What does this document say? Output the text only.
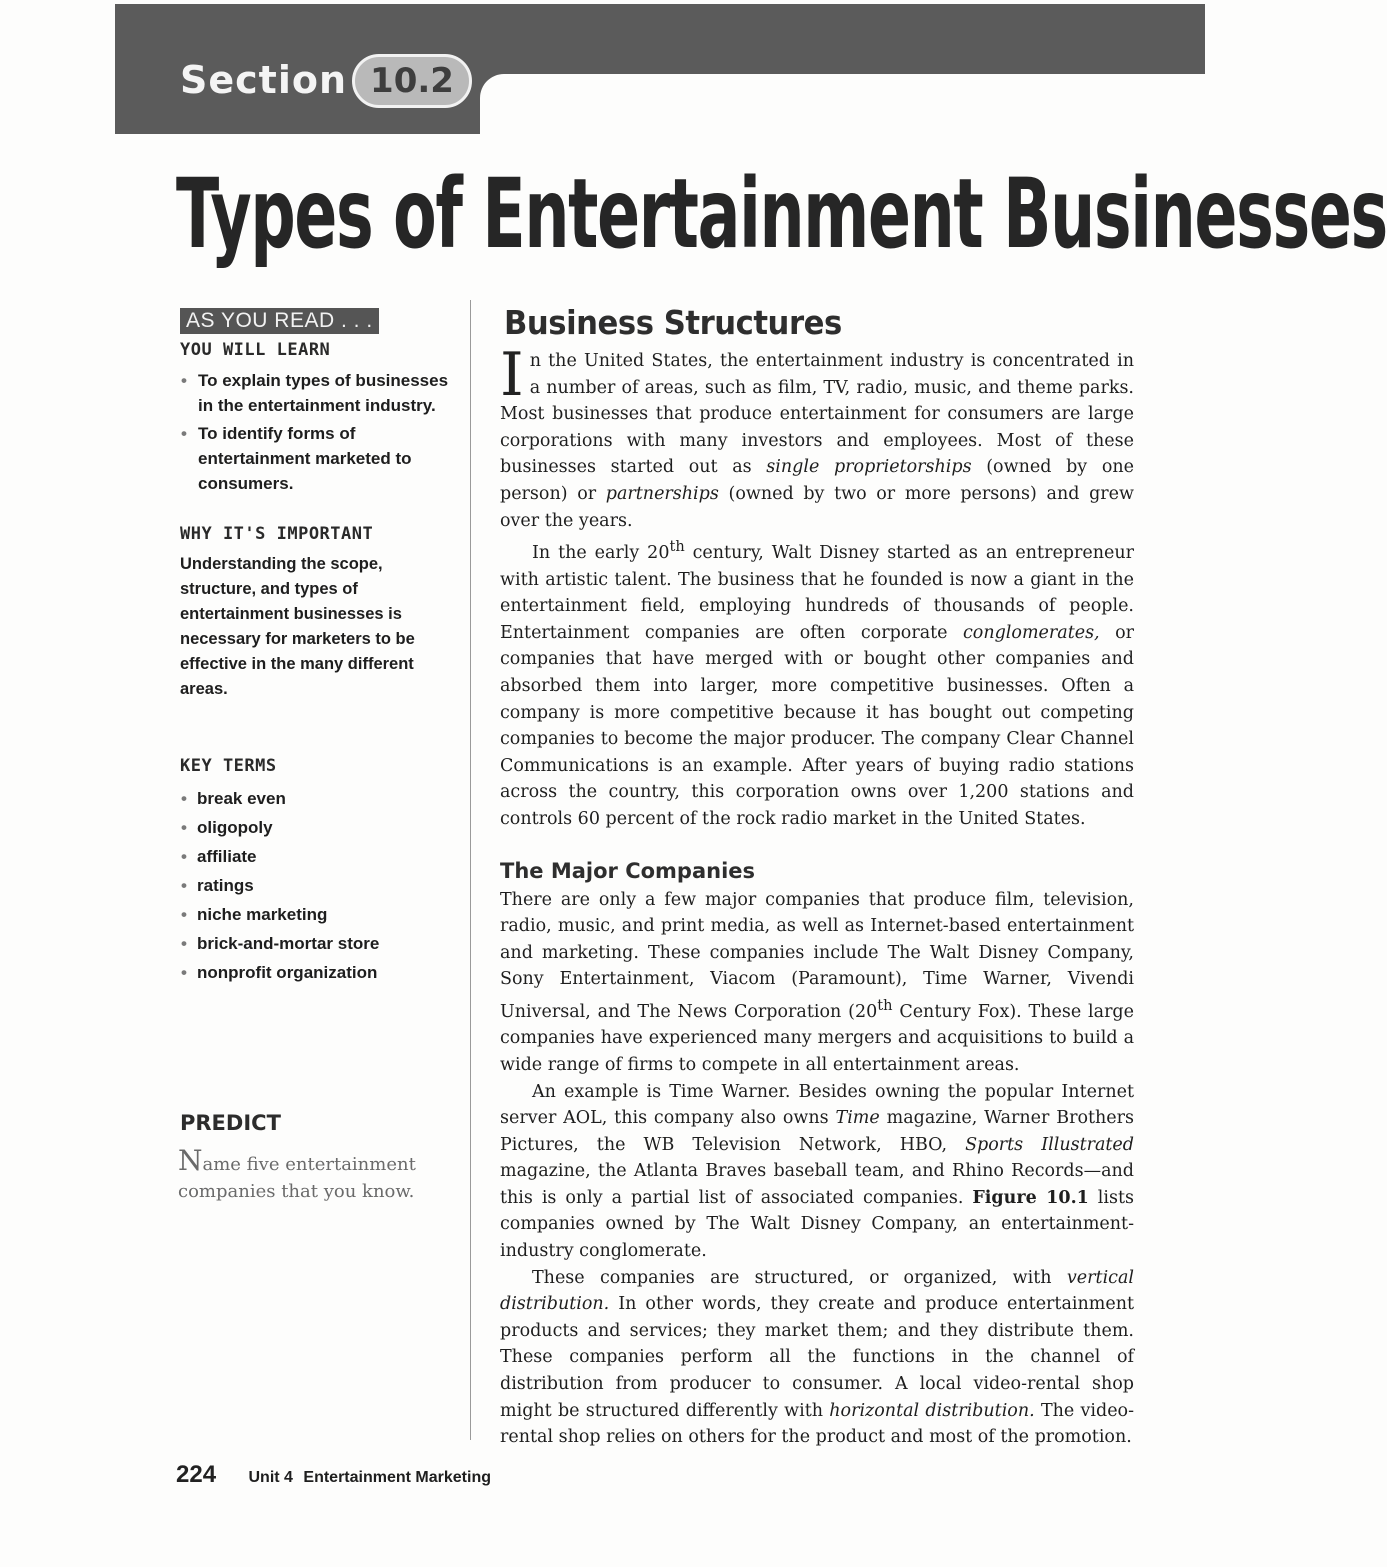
Section 10.2
Types of Entertainment Businesses
AS YOU READ . . .
YOU WILL LEARN
• To explain types of businesses in the entertainment industry.
• To identify forms of entertainment marketed to consumers.
WHY IT'S IMPORTANT

Understanding the scope, structure, and types of entertainment businesses is necessary for marketers to be effective in the many different areas.

KEY TERMS
• break even
• oligopoly
• affiliate
• ratings
• niche marketing
• brick-and-mortar store
• nonprofit organization
PREDICT

Name five entertainment companies that you know.

Business Structures

In the United States, the entertainment industry is concentrated in a number of areas, such as film, TV, radio, music, and theme parks. Most businesses that produce entertainment for consumers are large corporations with many investors and employees. Most of these businesses started out as single proprietorships (owned by one person) or partnerships (owned by two or more persons) and grew over the years.

In the early 20th century, Walt Disney started as an entrepreneur with artistic talent. The business that he founded is now a giant in the entertainment field, employing hundreds of thousands of people. Entertainment companies are often corporate conglomerates, or companies that have merged with or bought other companies and absorbed them into larger, more competitive businesses. Often a company is more competitive because it has bought out competing companies to become the major producer. The company Clear Channel Communications is an example. After years of buying radio stations across the country, this corporation owns over 1,200 stations and controls 60 percent of the rock radio market in the United States.

The Major Companies

There are only a few major companies that produce film, television, radio, music, and print media, as well as Internet-based entertainment and marketing. These companies include The Walt Disney Company, Sony Entertainment, Viacom (Paramount), Time Warner, Vivendi Universal, and The News Corporation (20th Century Fox). These large companies have experienced many mergers and acquisitions to build a wide range of firms to compete in all entertainment areas.

An example is Time Warner. Besides owning the popular Internet server AOL, this company also owns Time magazine, Warner Brothers Pictures, the WB Television Network, HBO, Sports Illustrated magazine, the Atlanta Braves baseball team, and Rhino Records—and this is only a partial list of associated companies. Figure 10.1 lists companies owned by The Walt Disney Company, an entertainment-industry conglomerate.

These companies are structured, or organized, with vertical distribution. In other words, they create and produce entertainment products and services; they market them; and they distribute them. These companies perform all the functions in the channel of distribution from producer to consumer. A local video-rental shop might be structured differently with horizontal distribution. The video-rental shop relies on others for the product and most of the promotion.

224 Unit 4 Entertainment Marketing
